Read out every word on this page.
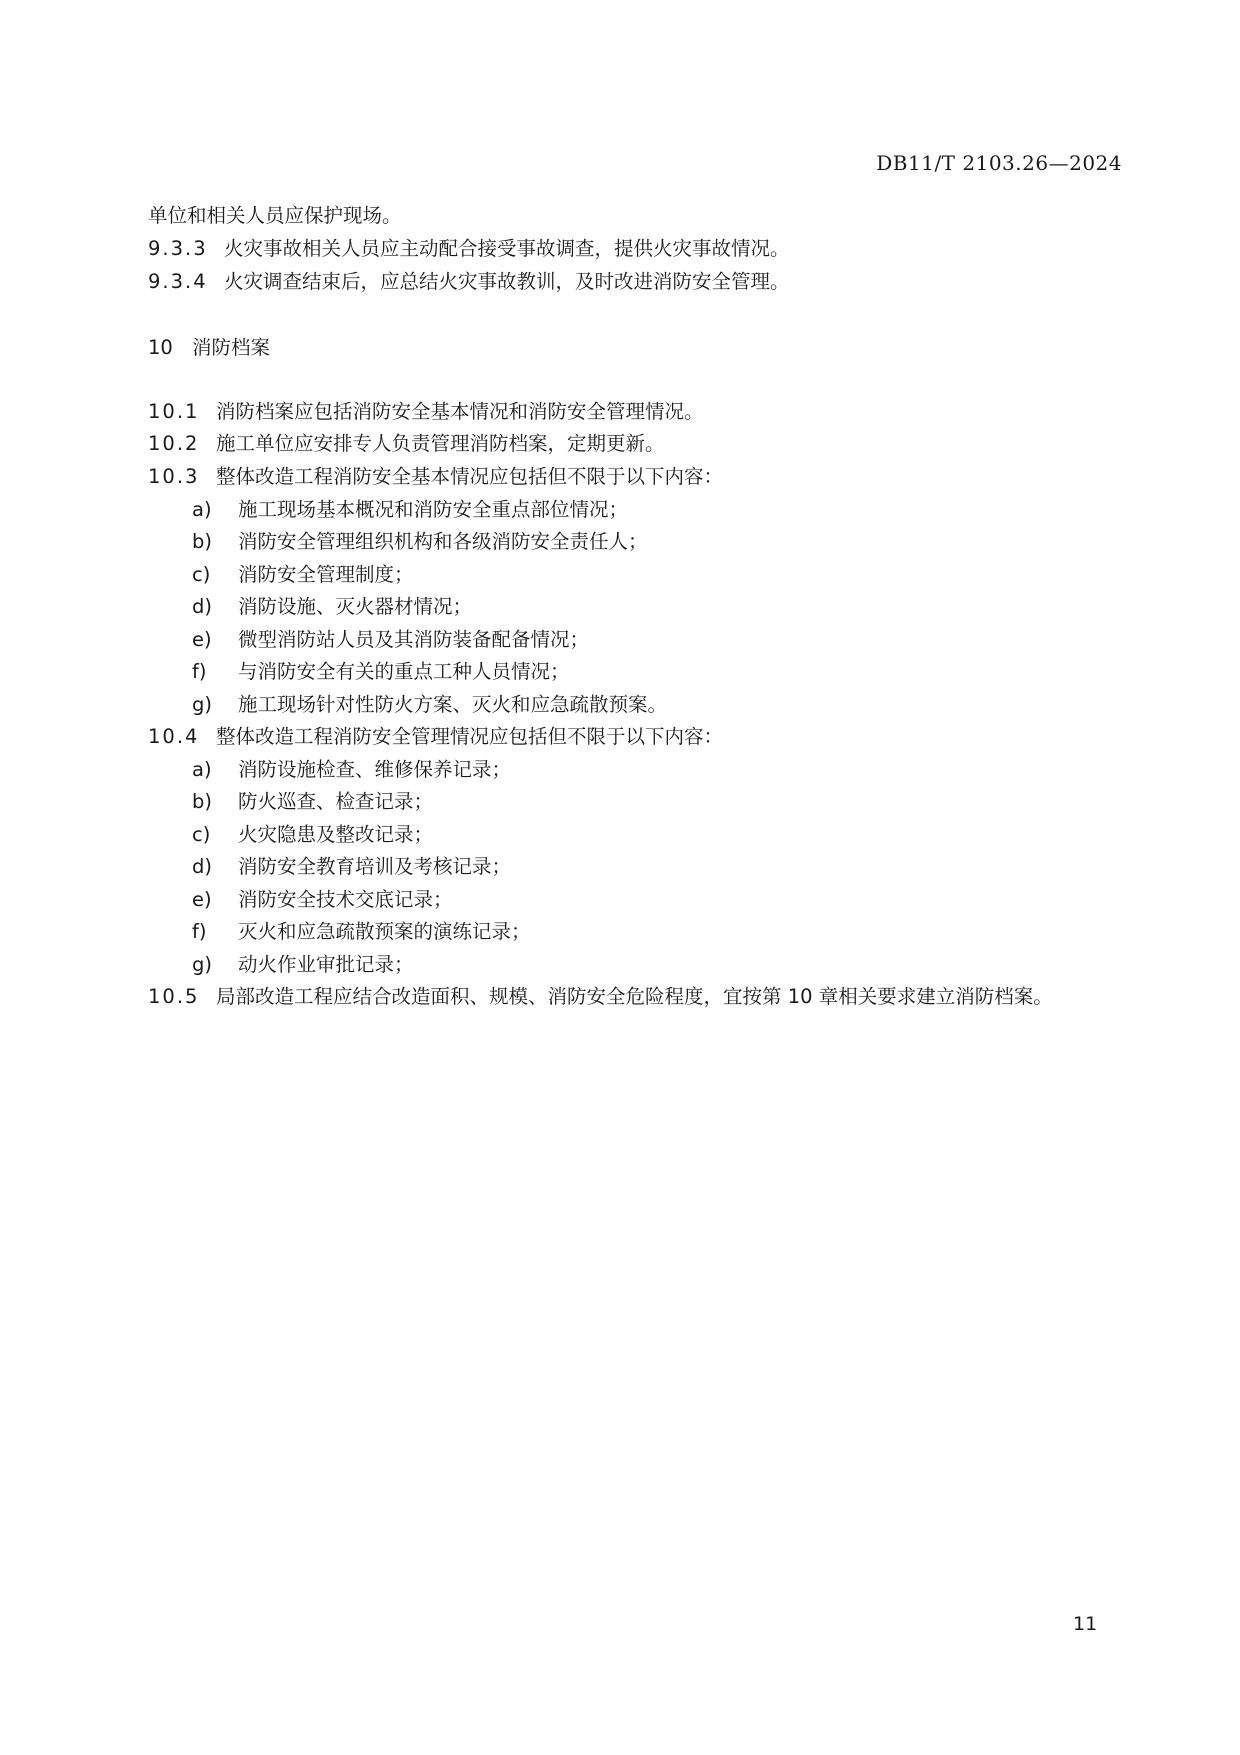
DB11/T 2103.26—2024
单位和相关人员应保护现场。
9.3.3 火灾事故相关人员应主动配合接受事故调查，提供火灾事故情况。
9.3.4 火灾调查结束后，应总结火灾事故教训，及时改进消防安全管理。
10 消防档案
10.1 消防档案应包括消防安全基本情况和消防安全管理情况。
10.2 施工单位应安排专人负责管理消防档案，定期更新。
10.3 整体改造工程消防安全基本情况应包括但不限于以下内容：
a) 施工现场基本概况和消防安全重点部位情况；
b) 消防安全管理组织机构和各级消防安全责任人；
c) 消防安全管理制度；
d) 消防设施、灭火器材情况；
e) 微型消防站人员及其消防装备配备情况；
f) 与消防安全有关的重点工种人员情况；
g) 施工现场针对性防火方案、灭火和应急疏散预案。
10.4 整体改造工程消防安全管理情况应包括但不限于以下内容：
a) 消防设施检查、维修保养记录；
b) 防火巡查、检查记录；
c) 火灾隐患及整改记录；
d) 消防安全教育培训及考核记录；
e) 消防安全技术交底记录；
f) 灭火和应急疏散预案的演练记录；
g) 动火作业审批记录；
10.5 局部改造工程应结合改造面积、规模、消防安全危险程度，宜按第 10 章相关要求建立消防档案。
11
